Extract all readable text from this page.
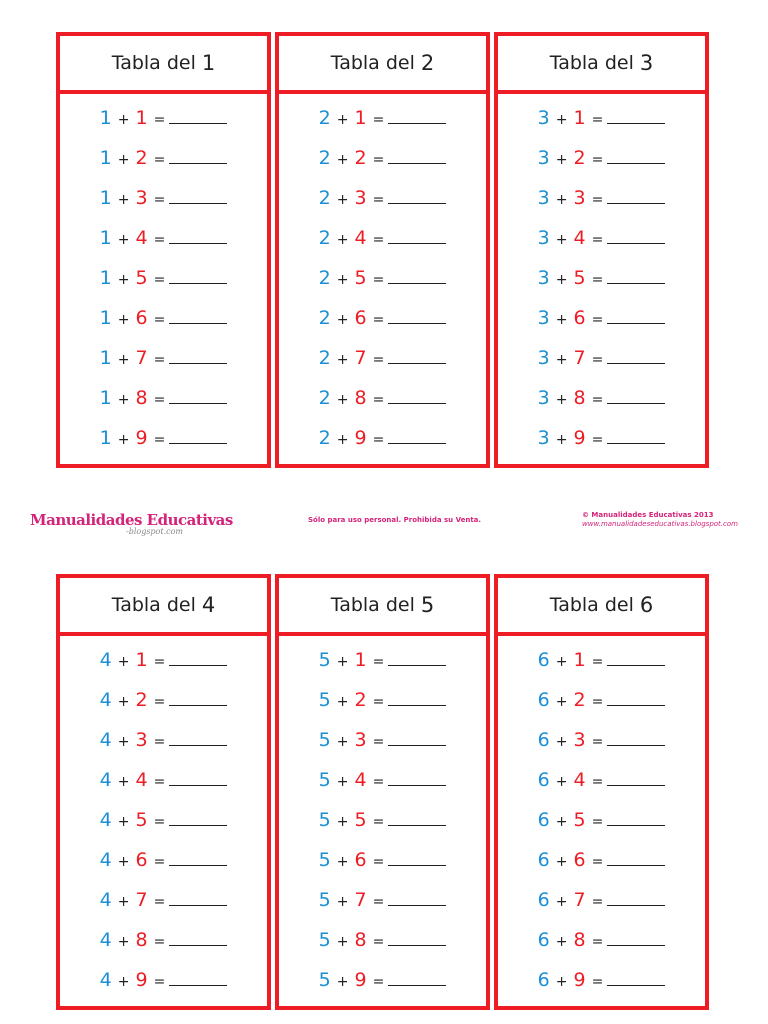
Tabla del 1
1 + 1 =
1 + 2 =
1 + 3 =
1 + 4 =
1 + 5 =
1 + 6 =
1 + 7 =
1 + 8 =
1 + 9 =
Tabla del 2
2 + 1 =
2 + 2 =
2 + 3 =
2 + 4 =
2 + 5 =
2 + 6 =
2 + 7 =
2 + 8 =
2 + 9 =
Tabla del 3
3 + 1 =
3 + 2 =
3 + 3 =
3 + 4 =
3 + 5 =
3 + 6 =
3 + 7 =
3 + 8 =
3 + 9 =
Manualidades Educativas
-blogspot.com
Sólo para uso personal. Prohibida su Venta.
© Manualidades Educativas 2013
www.manualidadeseducativas.blogspot.com
Tabla del 4
4 + 1 =
4 + 2 =
4 + 3 =
4 + 4 =
4 + 5 =
4 + 6 =
4 + 7 =
4 + 8 =
4 + 9 =
Tabla del 5
5 + 1 =
5 + 2 =
5 + 3 =
5 + 4 =
5 + 5 =
5 + 6 =
5 + 7 =
5 + 8 =
5 + 9 =
Tabla del 6
6 + 1 =
6 + 2 =
6 + 3 =
6 + 4 =
6 + 5 =
6 + 6 =
6 + 7 =
6 + 8 =
6 + 9 =
